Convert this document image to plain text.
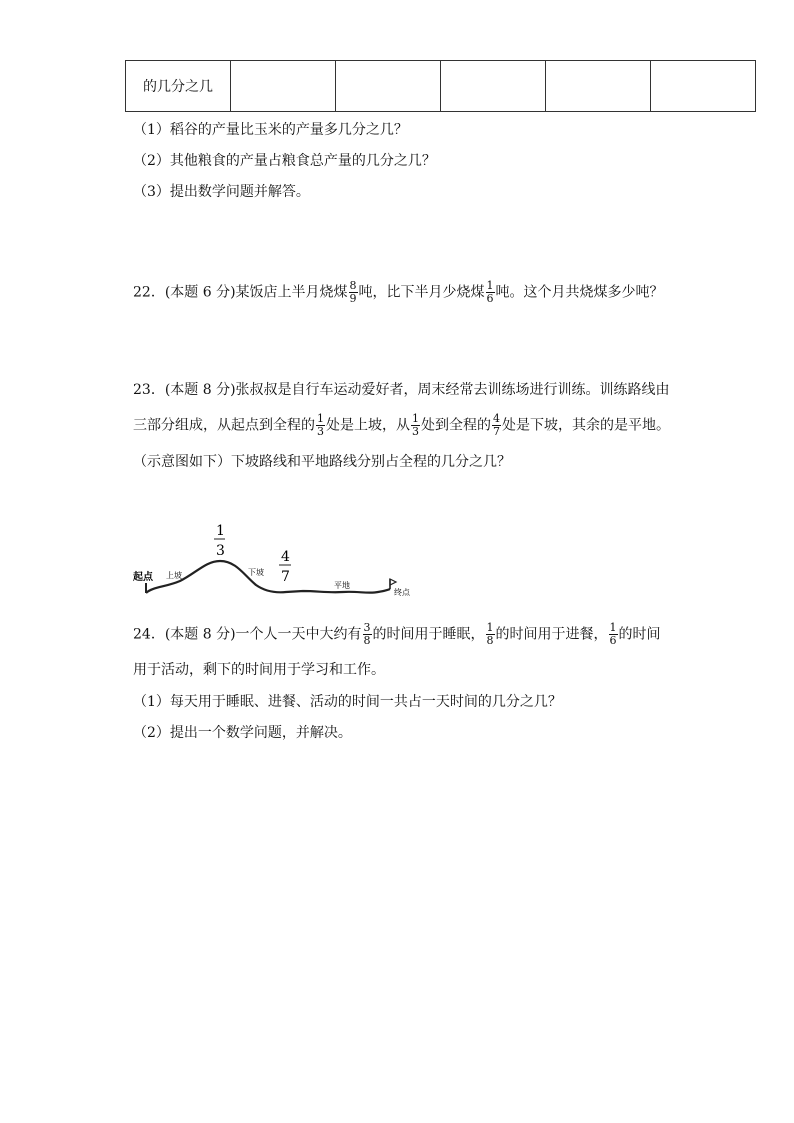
的几分之几					
（1）稻谷的产量比玉米的产量多几分之几？
（2）其他粮食的产量占粮食总产量的几分之几？
（3）提出数学问题并解答。
22．(本题 6 分)某饭店上半月烧煤 $\frac{8}{9}$ 吨，比下半月少烧煤 $\frac{1}{6}$ 吨。这个月共烧煤多少吨？
23．(本题 8 分)张叔叔是自行车运动爱好者，周末经常去训练场进行训练。训练路线由
三部分组成，从起点到全程的 $\frac{1}{3}$ 处是上坡，从 $\frac{1}{3}$ 处到全程的 $\frac{4}{7}$ 处是下坡，其余的是平地。
（示意图如下）下坡路线和平地路线分别占全程的几分之几？
起点 上坡	下坡
平地
终点
1
3	4
7
24．(本题 8 分)一个人一天中大约有 $\frac{3}{8}$ 的时间用于睡眠， $\frac{1}{8}$ 的时间用于进餐， $\frac{1}{6}$ 的时间
用于活动，剩下的时间用于学习和工作。
（1）每天用于睡眠、进餐、活动的时间一共占一天时间的几分之几？
（2）提出一个数学问题，并解决。
